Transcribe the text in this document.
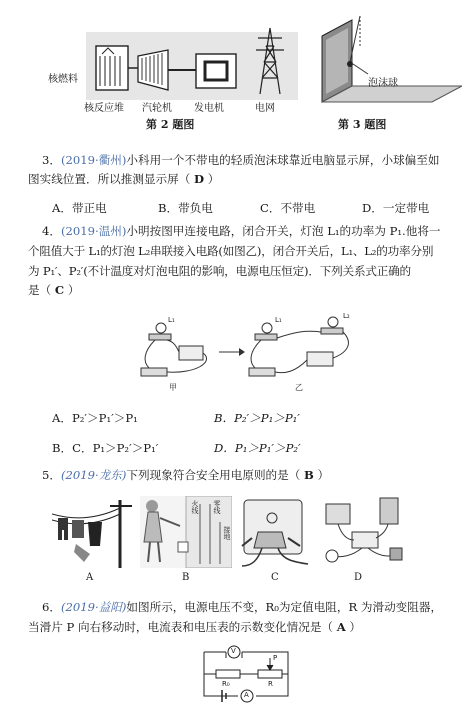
核燃料
核反应堆 汽轮机 发电机	电网
第 2 题图
泡沫球
第 3 题图
3．(2019·衢州)小科用一个不带电的轻质泡沫球靠近电脑显示屏，小球偏至如
图实线位置．所以推测显示屏（ D ）
A．带正电	B．带负电	C．不带电	D．一定带电
4．(2019·温州)小明按图甲连接电路，闭合开关，灯泡 L₁的功率为 P₁.他将一
个阻值大于 L₁的灯泡 L₂串联接入电路(如图乙)，闭合开关后，L₁、L₂的功率分别
为 P₁′、P₂′(不计温度对灯泡电阻的影响，电源电压恒定)．下列关系式正确的
是（ C ）
甲	乙
L₁	L₁	L₂
A．P₂′＞P₁′＞P₁	B．P₂′＞P₁＞P₁′
B．C．P₁＞P₂′＞P₁′	D．P₁＞P₁′＞P₂′
5．(2019·龙东)下列现象符合安全用电原则的是（ B ）
A
火线 零线
接地
B	C	D
6．(2019·益阳)如图所示，电源电压不变，R₀为定值电阻，R 为滑动变阻器，
当滑片 P 向右移动时，电流表和电压表的示数变化情况是（ A ）
V
P
R₀	R
A
